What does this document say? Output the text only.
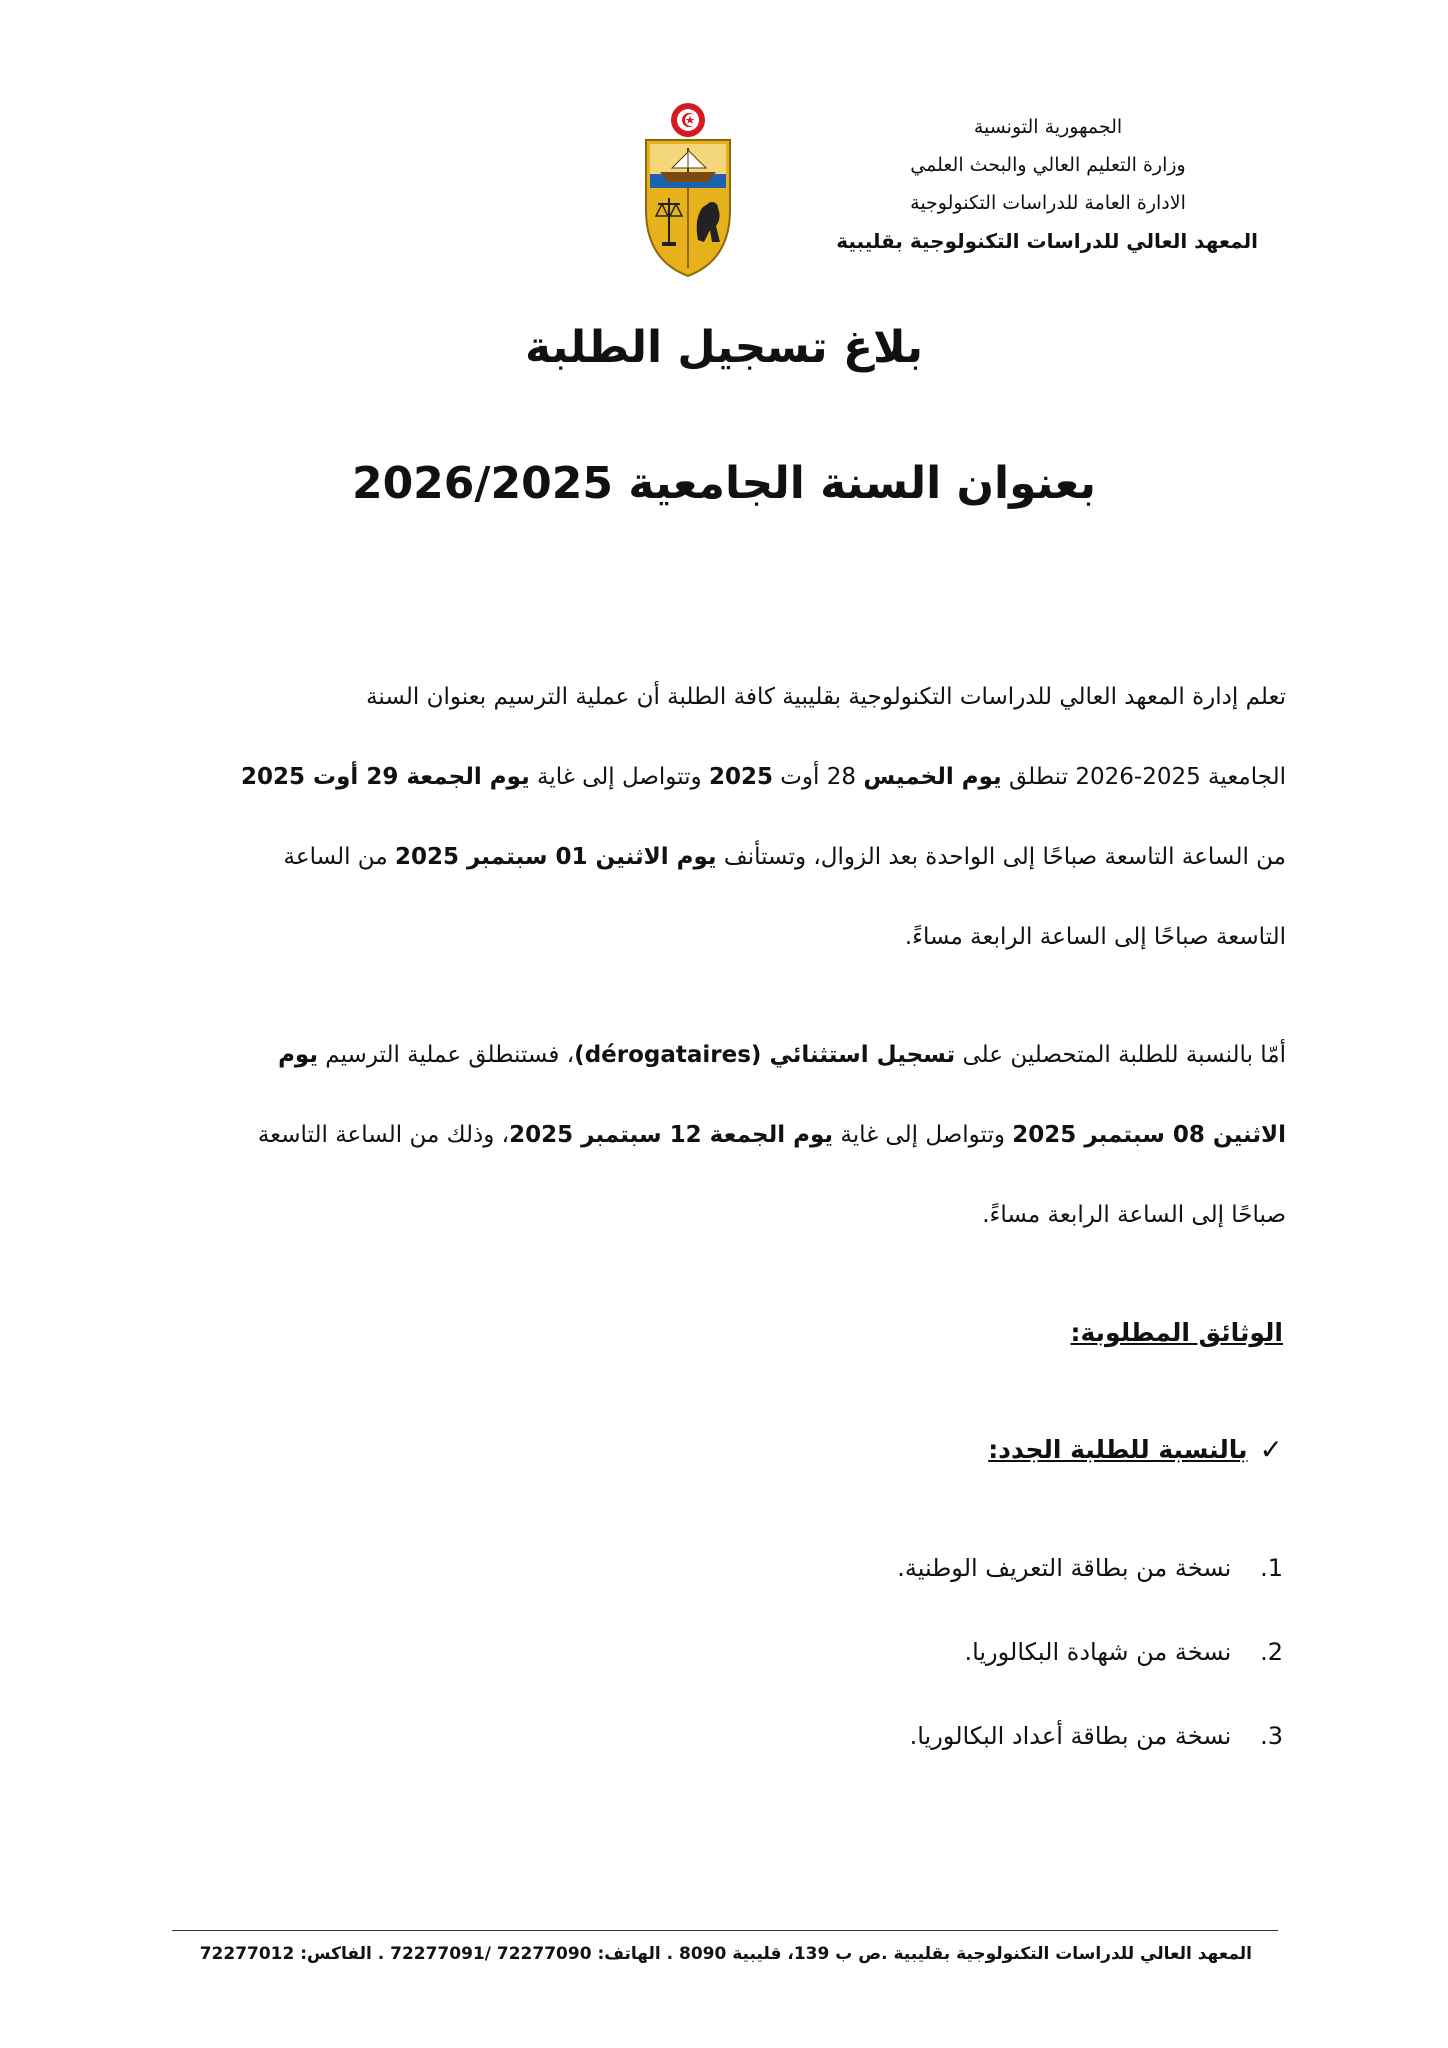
الجمهورية التونسية
وزارة التعليم العالي والبحث العلمي
الادارة العامة للدراسات التكنولوجية
المعهد العالي للدراسات التكنولوجية بقليبية
بلاغ تسجيل الطلبة
بعنوان السنة الجامعية 2026/2025
تعلم إدارة المعهد العالي للدراسات التكنولوجية بقليبية كافة الطلبة أن عملية الترسيم بعنوان السنة
الجامعية 2025-2026 تنطلق يوم الخميس 28 أوت 2025 وتتواصل إلى غاية يوم الجمعة 29 أوت 2025
من الساعة التاسعة صباحًا إلى الواحدة بعد الزوال، وتستأنف يوم الاثنين 01 سبتمبر 2025 من الساعة
التاسعة صباحًا إلى الساعة الرابعة مساءً.
أمّا بالنسبة للطلبة المتحصلين على تسجيل استثنائي (dérogataires)، فستنطلق عملية الترسيم يوم
الاثنين 08 سبتمبر 2025 وتتواصل إلى غاية يوم الجمعة 12 سبتمبر 2025، وذلك من الساعة التاسعة
صباحًا إلى الساعة الرابعة مساءً.
الوثائق المطلوبة:
✓
بالنسبة للطلبة الجدد:
1. نسخة من بطاقة التعريف الوطنية.
2. نسخة من شهادة البكالوريا.
3. نسخة من بطاقة أعداد البكالوريا.
المعهد العالي للدراسات التكنولوجية بقليبية .ص ب 139، قليبية 8090 . الهاتف: 72277090 /72277091 . الفاكس: 72277012
